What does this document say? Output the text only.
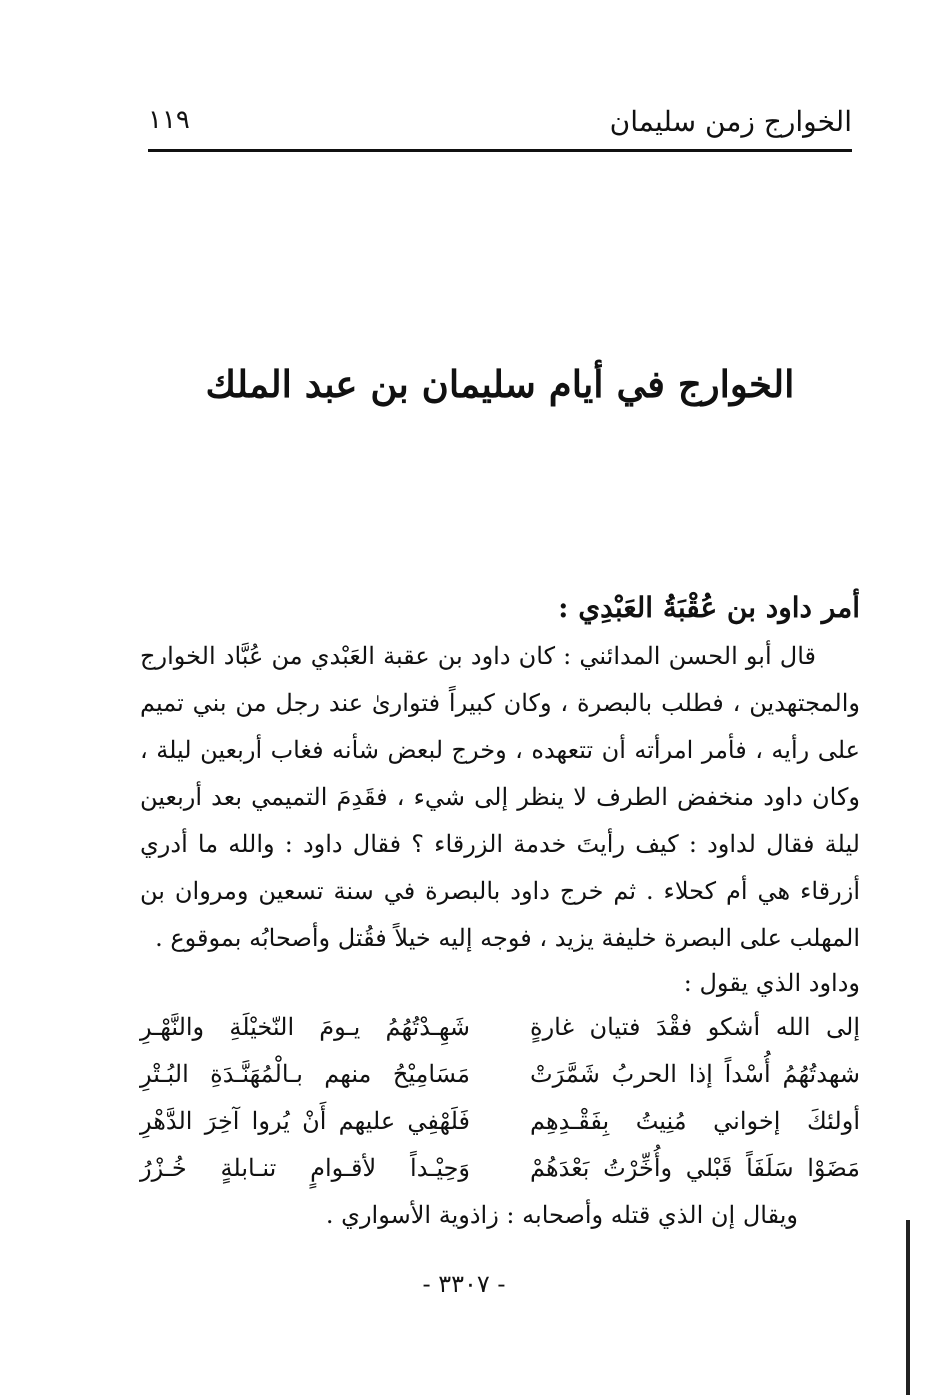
الخوارج زمن سليمان
١١٩
الخوارج في أيام سليمان بن عبد الملك

أمر داود بن عُقْبَةُ العَبْدِي :

قال أبو الحسن المدائني : كان داود بن عقبة العَبْدي من عُبَّاد الخوارج

والمجتهدين ، فطلب بالبصرة ، وكان كبيراً فتوارىٰ عند رجل من بني تميم

على رأيه ، فأمر امرأته أن تتعهده ، وخرج لبعض شأنه فغاب أربعين ليلة ،

وكان داود منخفض الطرف لا ينظر إلى شيء ، فقَدِمَ التميمي بعد أربعين

ليلة فقال لداود : كيف رأيتَ خدمة الزرقاء ؟ فقال داود : والله ما أدري

أزرقاء هي أم كحلاء . ثم خرج داود بالبصرة في سنة تسعين ومروان بن

المهلب على البصرة خليفة يزيد ، فوجه إليه خيلاً فقُتل وأصحابُه بموقوع .

وداود الذي يقول :

إلى الله أشكو فقْدَ فتيان غارةٍ
شَهِـدْتُهُمُ يـومَ النّخيْلَةِ والنَّهْـرِ
شهدتُهُمُ أُسْداً إذا الحربُ شَمَّرَتْ
مَسَامِيْحُ منهم بـالْمُهَنَّـدَةِ البُـتْرِ
أولئكَ إخواني مُنِيتُ بِفَقْـدِهِم
فَلَهْفِي عليهم أَنْ يُروا آخِرَ الدَّهْرِ
مَضَوْا سَلَفَاً قَبْلي وأُخِّرْتُ بَعْدَهُمْ
وَحِيْـداً لأقـوامٍ تنـابلةٍ خُـزْرُ

ويقال إن الذي قتله وأصحابه : زاذوية الأسواري .

- ٣٣٠٧ -
